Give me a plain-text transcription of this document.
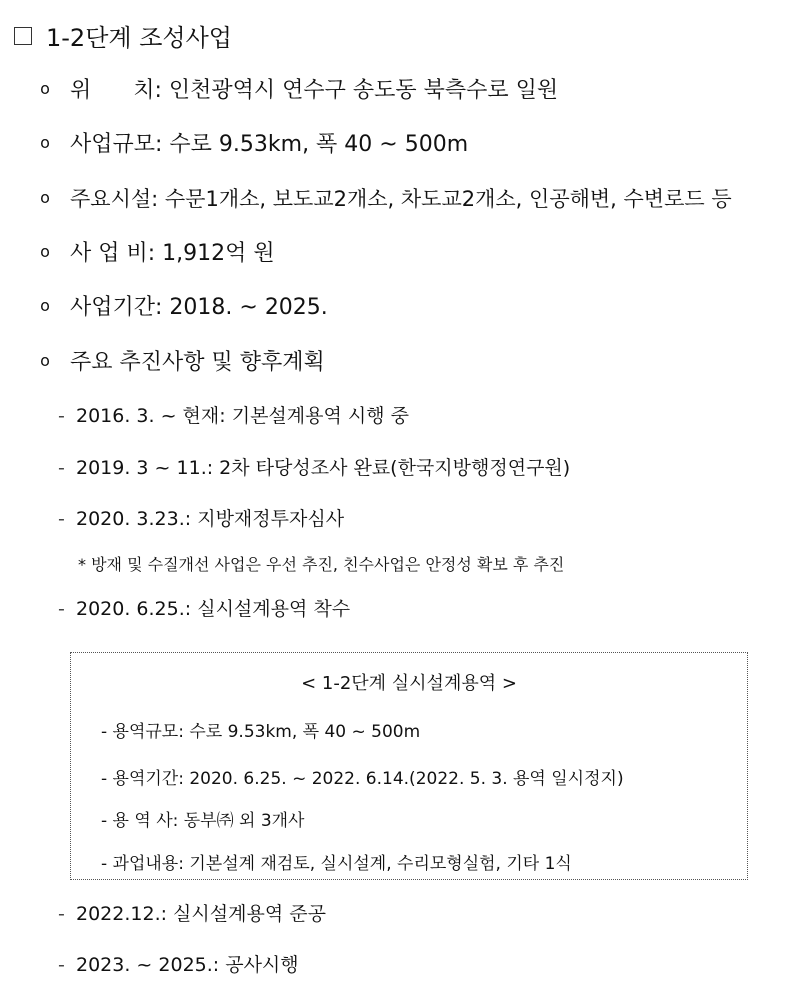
1-2단계 조성사업
o 위      치: 인천광역시 연수구 송도동 북측수로 일원
o 사업규모: 수로 9.53km, 폭 40 ~ 500m
o 주요시설: 수문1개소, 보도교2개소, 차도교2개소, 인공해변, 수변로드 등
o 사 업 비: 1,912억 원
o 사업기간: 2018. ~ 2025.
o 주요 추진사항 및 향후계획
- 2016. 3. ~ 현재: 기본설계용역 시행 중
- 2019. 3 ~ 11.: 2차 타당성조사 완료(한국지방행정연구원)
- 2020. 3.23.: 지방재정투자심사
* 방재 및 수질개선 사업은 우선 추진, 친수사업은 안정성 확보 후 추진
- 2020. 6.25.: 실시설계용역 착수
< 1-2단계 실시설계용역 >
- 용역규모: 수로 9.53km, 폭 40 ~ 500m
- 용역기간: 2020. 6.25. ~ 2022. 6.14.(2022. 5. 3. 용역 일시정지)
- 용 역 사: 동부㈜ 외 3개사
- 과업내용: 기본설계 재검토, 실시설계, 수리모형실험, 기타 1식
- 2022.12.: 실시설계용역 준공
- 2023. ~ 2025.: 공사시행
